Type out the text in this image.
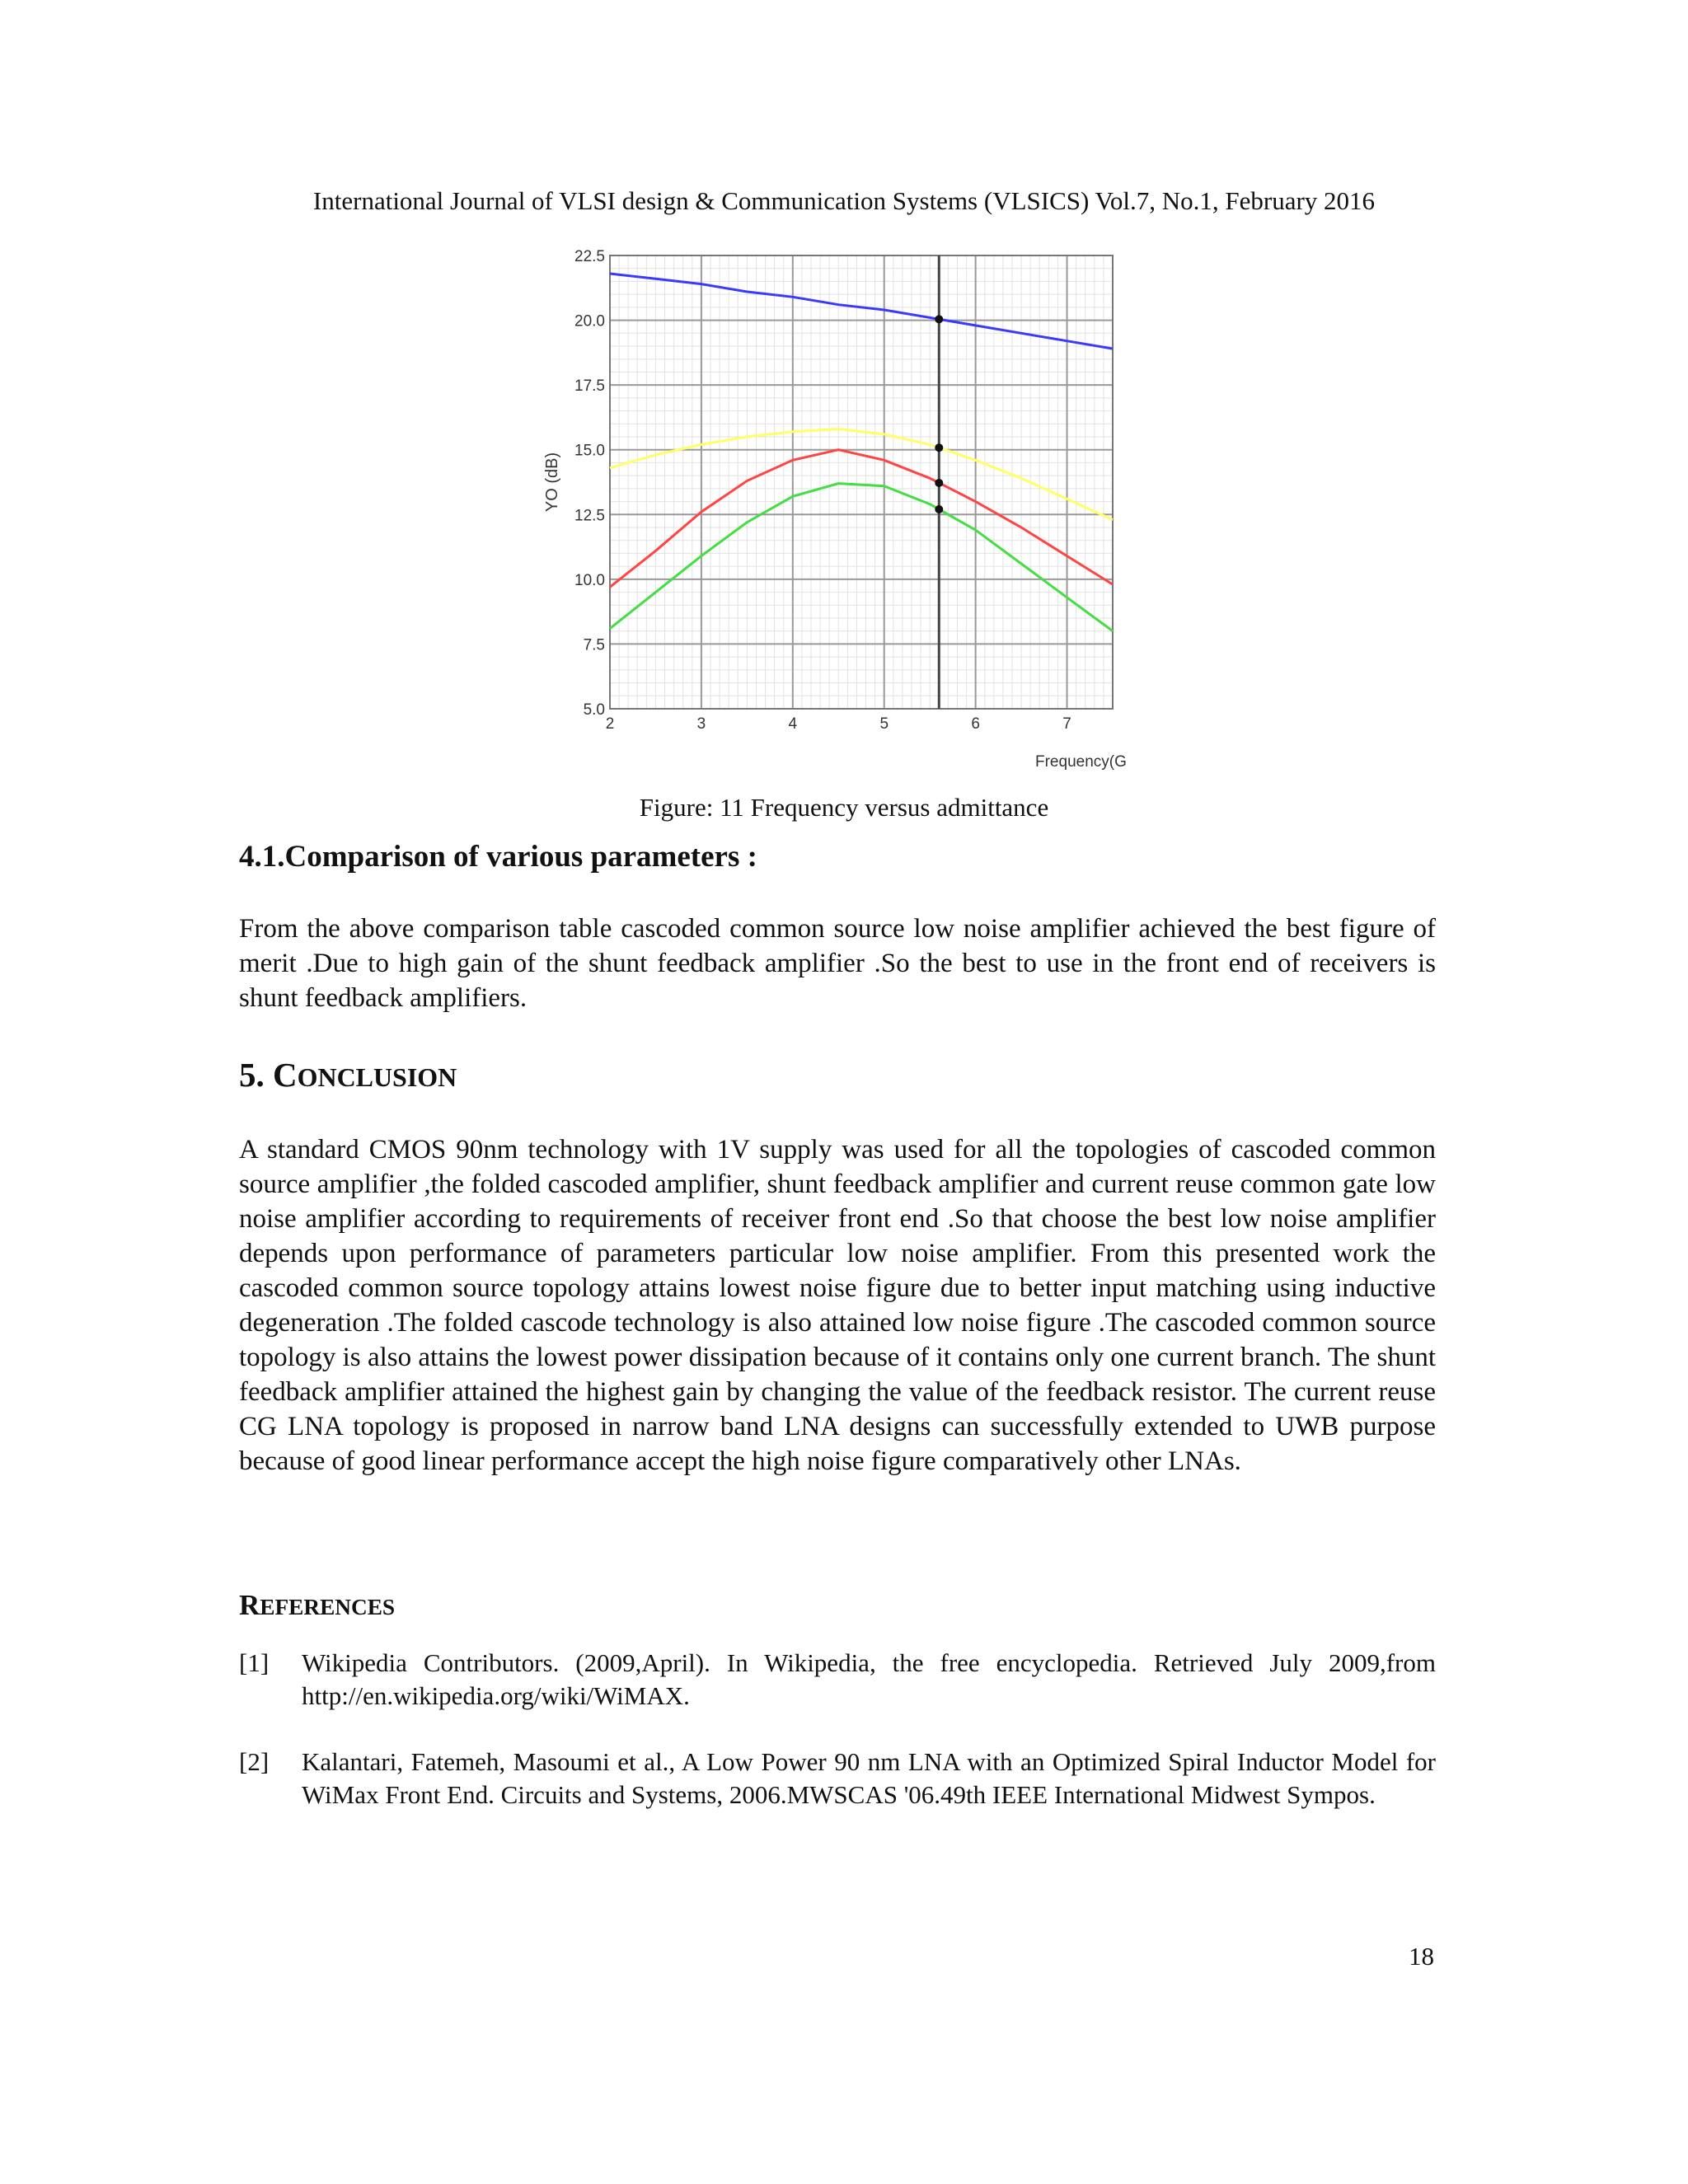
International Journal of VLSI design & Communication Systems (VLSICS) Vol.7, No.1, February 2016
2	3	4	5	6	7
5.0
7.5
10.0
12.5
15.0
17.5
20.0
22.5
YO (dB)
Frequency(G
Figure: 11 Frequency versus admittance
4.1.Comparison of various parameters :

From the above comparison table cascoded common source low noise amplifier achieved the best figure of merit .Due to high gain of the shunt feedback amplifier .So the best to use in the front end of receivers is shunt feedback amplifiers.

5. CONCLUSION

A standard CMOS 90nm technology with 1V supply was used for all the topologies of cascoded common source amplifier ,the folded cascoded amplifier, shunt feedback amplifier and current reuse common gate low noise amplifier according to requirements of receiver front end .So that choose the best low noise amplifier depends upon performance of parameters particular low noise amplifier. From this presented work the cascoded common source topology attains lowest noise figure due to better input matching using inductive degeneration .The folded cascode technology is also attained low noise figure .The cascoded common source topology is also attains the lowest power dissipation because of it contains only one current branch. The shunt feedback amplifier attained the highest gain by changing the value of the feedback resistor. The current reuse CG LNA topology is proposed in narrow band LNA designs can successfully extended to UWB purpose because of good linear performance accept the high noise figure comparatively other LNAs.

REFERENCES
[1] Wikipedia Contributors. (2009,April). In Wikipedia, the free encyclopedia. Retrieved July 2009,from http://en.wikipedia.org/wiki/WiMAX.
[2] Kalantari, Fatemeh, Masoumi et al., A Low Power 90 nm LNA with an Optimized Spiral Inductor Model for WiMax Front End. Circuits and Systems, 2006.MWSCAS '06.49th IEEE International Midwest Sympos.
18
